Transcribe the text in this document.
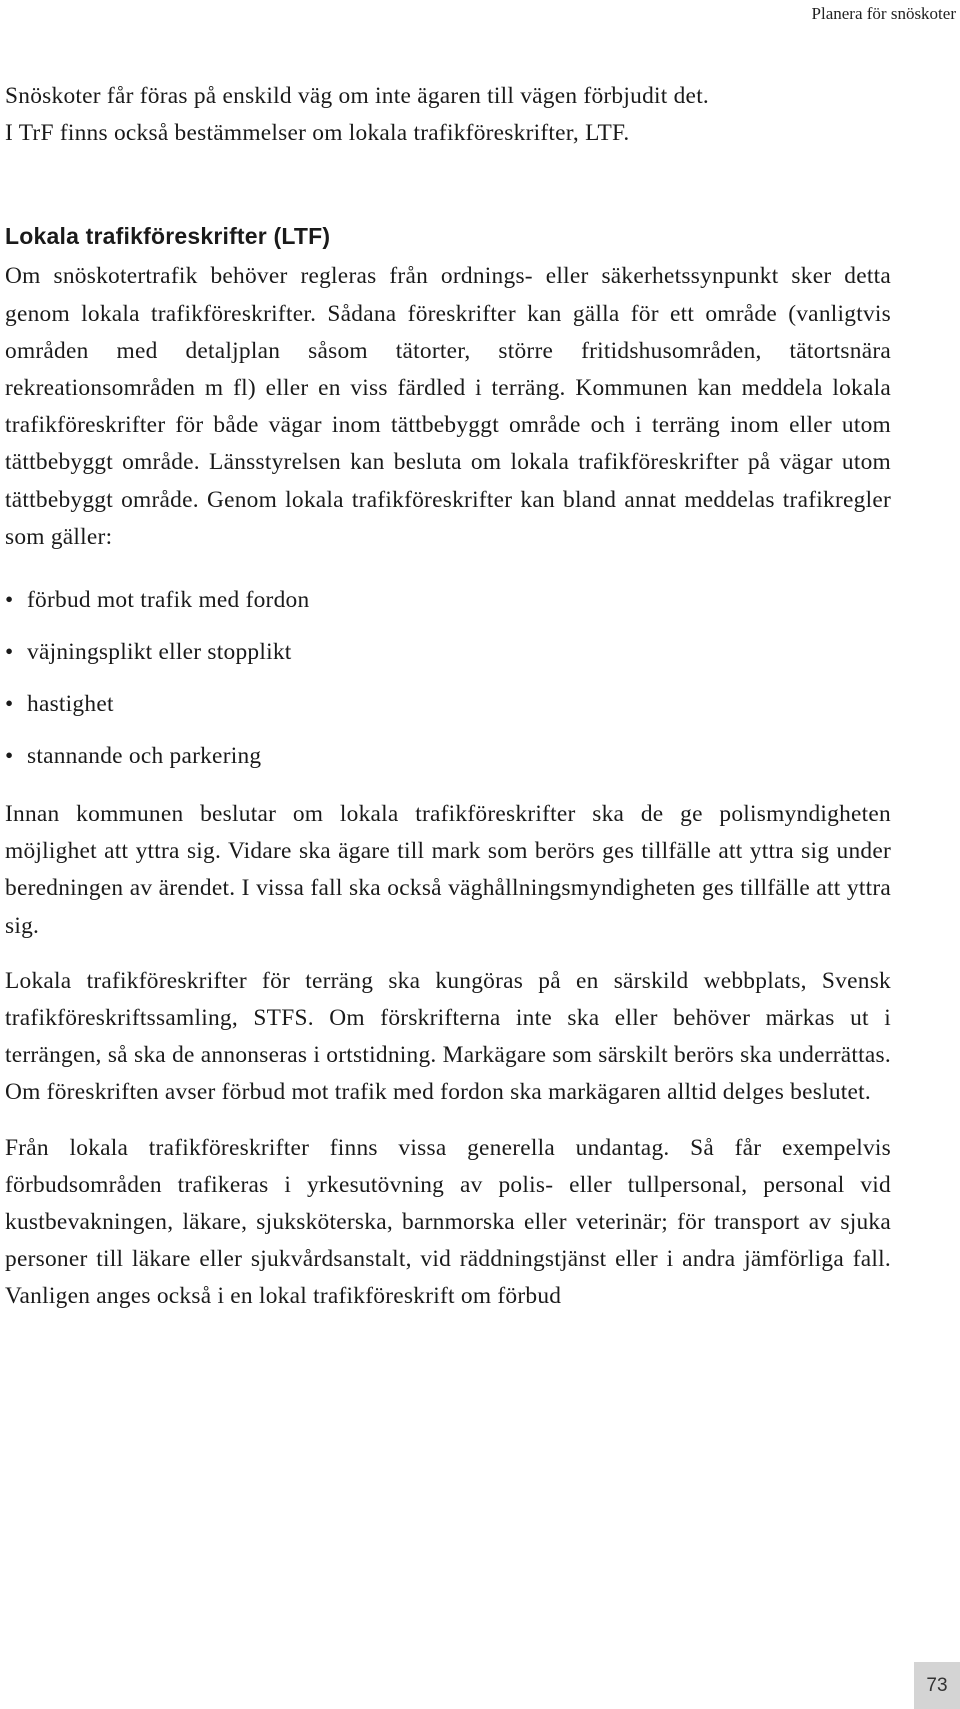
Planera för snöskoter

Snöskoter får föras på enskild väg om inte ägaren till vägen förbjudit det.

I TrF finns också bestämmelser om lokala trafikföreskrifter, LTF.

Lokala trafikföreskrifter (LTF)

Om snöskotertrafik behöver regleras från ordnings- eller säkerhetssynpunkt sker detta genom lokala trafikföreskrifter. Sådana föreskrifter kan gälla för ett område (vanligtvis områden med detaljplan såsom tätorter, större fritidshusområden, tätortsnära rekreationsområden m fl) eller en viss färdled i terräng. Kommunen kan meddela lokala trafikföreskrifter för både vägar inom tättbebyggt område och i terräng inom eller utom tättbebyggt område. Länsstyrelsen kan besluta om lokala trafikföreskrifter på vägar utom tättbebyggt område. Genom lokala trafikföreskrifter kan bland annat meddelas trafikregler som gäller:

• förbud mot trafik med fordon
• väjningsplikt eller stopplikt
• hastighet
• stannande och parkering

Innan kommunen beslutar om lokala trafikföreskrifter ska de ge polismyndigheten möjlighet att yttra sig. Vidare ska ägare till mark som berörs ges tillfälle att yttra sig under beredningen av ärendet. I vissa fall ska också väghållningsmyndigheten ges tillfälle att yttra sig.

Lokala trafikföreskrifter för terräng ska kungöras på en särskild webbplats, Svensk trafikföreskriftssamling, STFS. Om förskrifterna inte ska eller behöver märkas ut i terrängen, så ska de annonseras i ortstidning. Markägare som särskilt berörs ska underrättas. Om föreskriften avser förbud mot trafik med fordon ska markägaren alltid delges beslutet.

Från lokala trafikföreskrifter finns vissa generella undantag. Så får exempelvis förbudsområden trafikeras i yrkesutövning av polis- eller tullpersonal, personal vid kustbevakningen, läkare, sjuksköterska, barnmorska eller veterinär; för transport av sjuka personer till läkare eller sjukvårdsanstalt, vid räddningstjänst eller i andra jämförliga fall. Vanligen anges också i en lokal trafikföreskrift om förbud

73
